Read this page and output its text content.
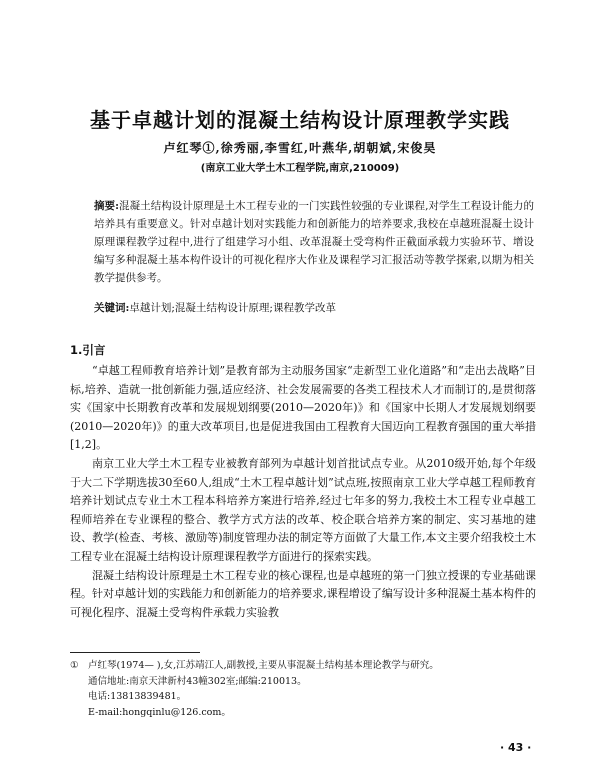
基于卓越计划的混凝土结构设计原理教学实践
卢红琴①,徐秀丽,李雪红,叶燕华,胡朝斌,宋俊昊
(南京工业大学土木工程学院,南京,210009)

摘要:混凝土结构设计原理是土木工程专业的一门实践性较强的专业课程,对学生工程设计能力的培养具有重要意义。针对卓越计划对实践能力和创新能力的培养要求,我校在卓越班混凝土设计原理课程教学过程中,进行了组建学习小组、改革混凝土受弯构件正截面承载力实验环节、增设编写多种混凝土基本构件设计的可视化程序大作业及课程学习汇报活动等教学探索,以期为相关教学提供参考。

关键词:卓越计划;混凝土结构设计原理;课程教学改革
1.引言

“卓越工程师教育培养计划”是教育部为主动服务国家“走新型工业化道路”和“走出去战略”目标,培养、造就一批创新能力强,适应经济、社会发展需要的各类工程技术人才而制订的,是贯彻落实《国家中长期教育改革和发展规划纲要(2010—2020年)》和《国家中长期人才发展规划纲要(2010—2020年)》的重大改革项目,也是促进我国由工程教育大国迈向工程教育强国的重大举措[1,2]。

南京工业大学土木工程专业被教育部列为卓越计划首批试点专业。从2010级开始,每个年级于大二下学期选拔30至60人,组成“土木工程卓越计划”试点班,按照南京工业大学卓越工程师教育培养计划试点专业土木工程本科培养方案进行培养,经过七年多的努力,我校土木工程专业卓越工程师培养在专业课程的整合、教学方式方法的改革、校企联合培养方案的制定、实习基地的建设、教学(检查、考核、激励等)制度管理办法的制定等方面做了大量工作,本文主要介绍我校土木工程专业在混凝土结构设计原理课程教学方面进行的探索实践。

混凝土结构设计原理是土木工程专业的核心课程,也是卓越班的第一门独立授课的专业基础课程。针对卓越计划的实践能力和创新能力的培养要求,课程增设了编写设计多种混凝土基本构件的可视化程序、混凝土受弯构件承载力实验教

① 卢红琴(1974— ),女,江苏靖江人,副教授,主要从事混凝土结构基本理论教学与研究。
通信地址:南京天津新村43幢302室;邮编:210013。
电话:13813839481。
E-mail:hongqinlu@126.com。
· 43 ·
